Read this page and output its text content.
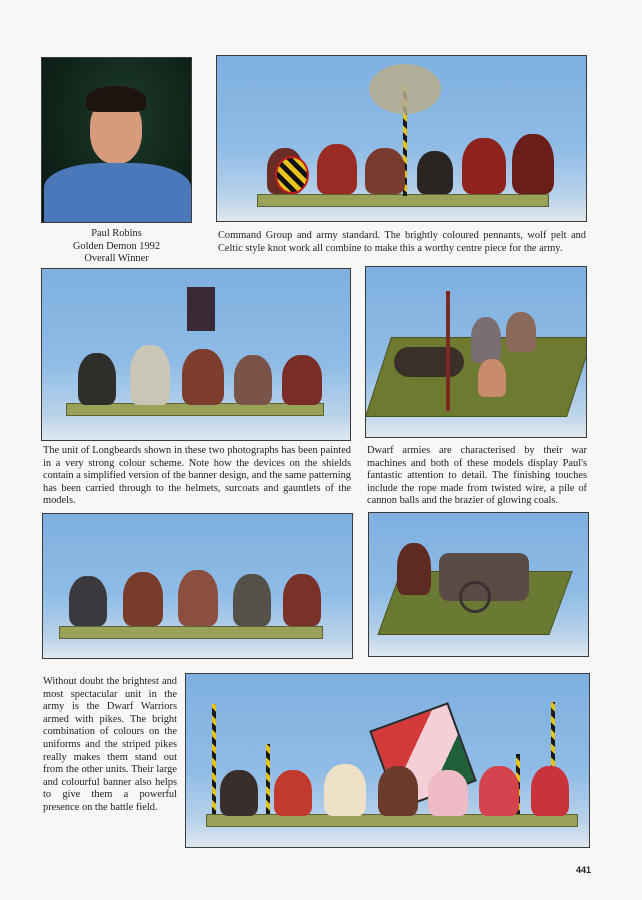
Paul Robins
Golden Demon 1992
Overall Winner
Command Group and army standard. The brightly coloured pennants, wolf pelt and Celtic style knot work all combine to make this a worthy centre piece for the army.
The unit of Longbeards shown in these two photographs has been painted in a very strong colour scheme. Note how the devices on the shields contain a simplified version of the banner design, and the same patterning has been carried through to the helmets, surcoats and gauntlets of the models.
Dwarf armies are characterised by their war machines and both of these models display Paul's fantastic attention to detail. The finishing touches include the rope made from twisted wire, a pile of cannon balls and the brazier of glowing coals.
Without doubt the brightest and most spectacular unit in the army is the Dwarf Warriors armed with pikes. The bright combination of colours on the uniforms and the striped pikes really makes them stand out from the other units. Their large and colourful banner also helps to give them a powerful presence on the battle field.
441
